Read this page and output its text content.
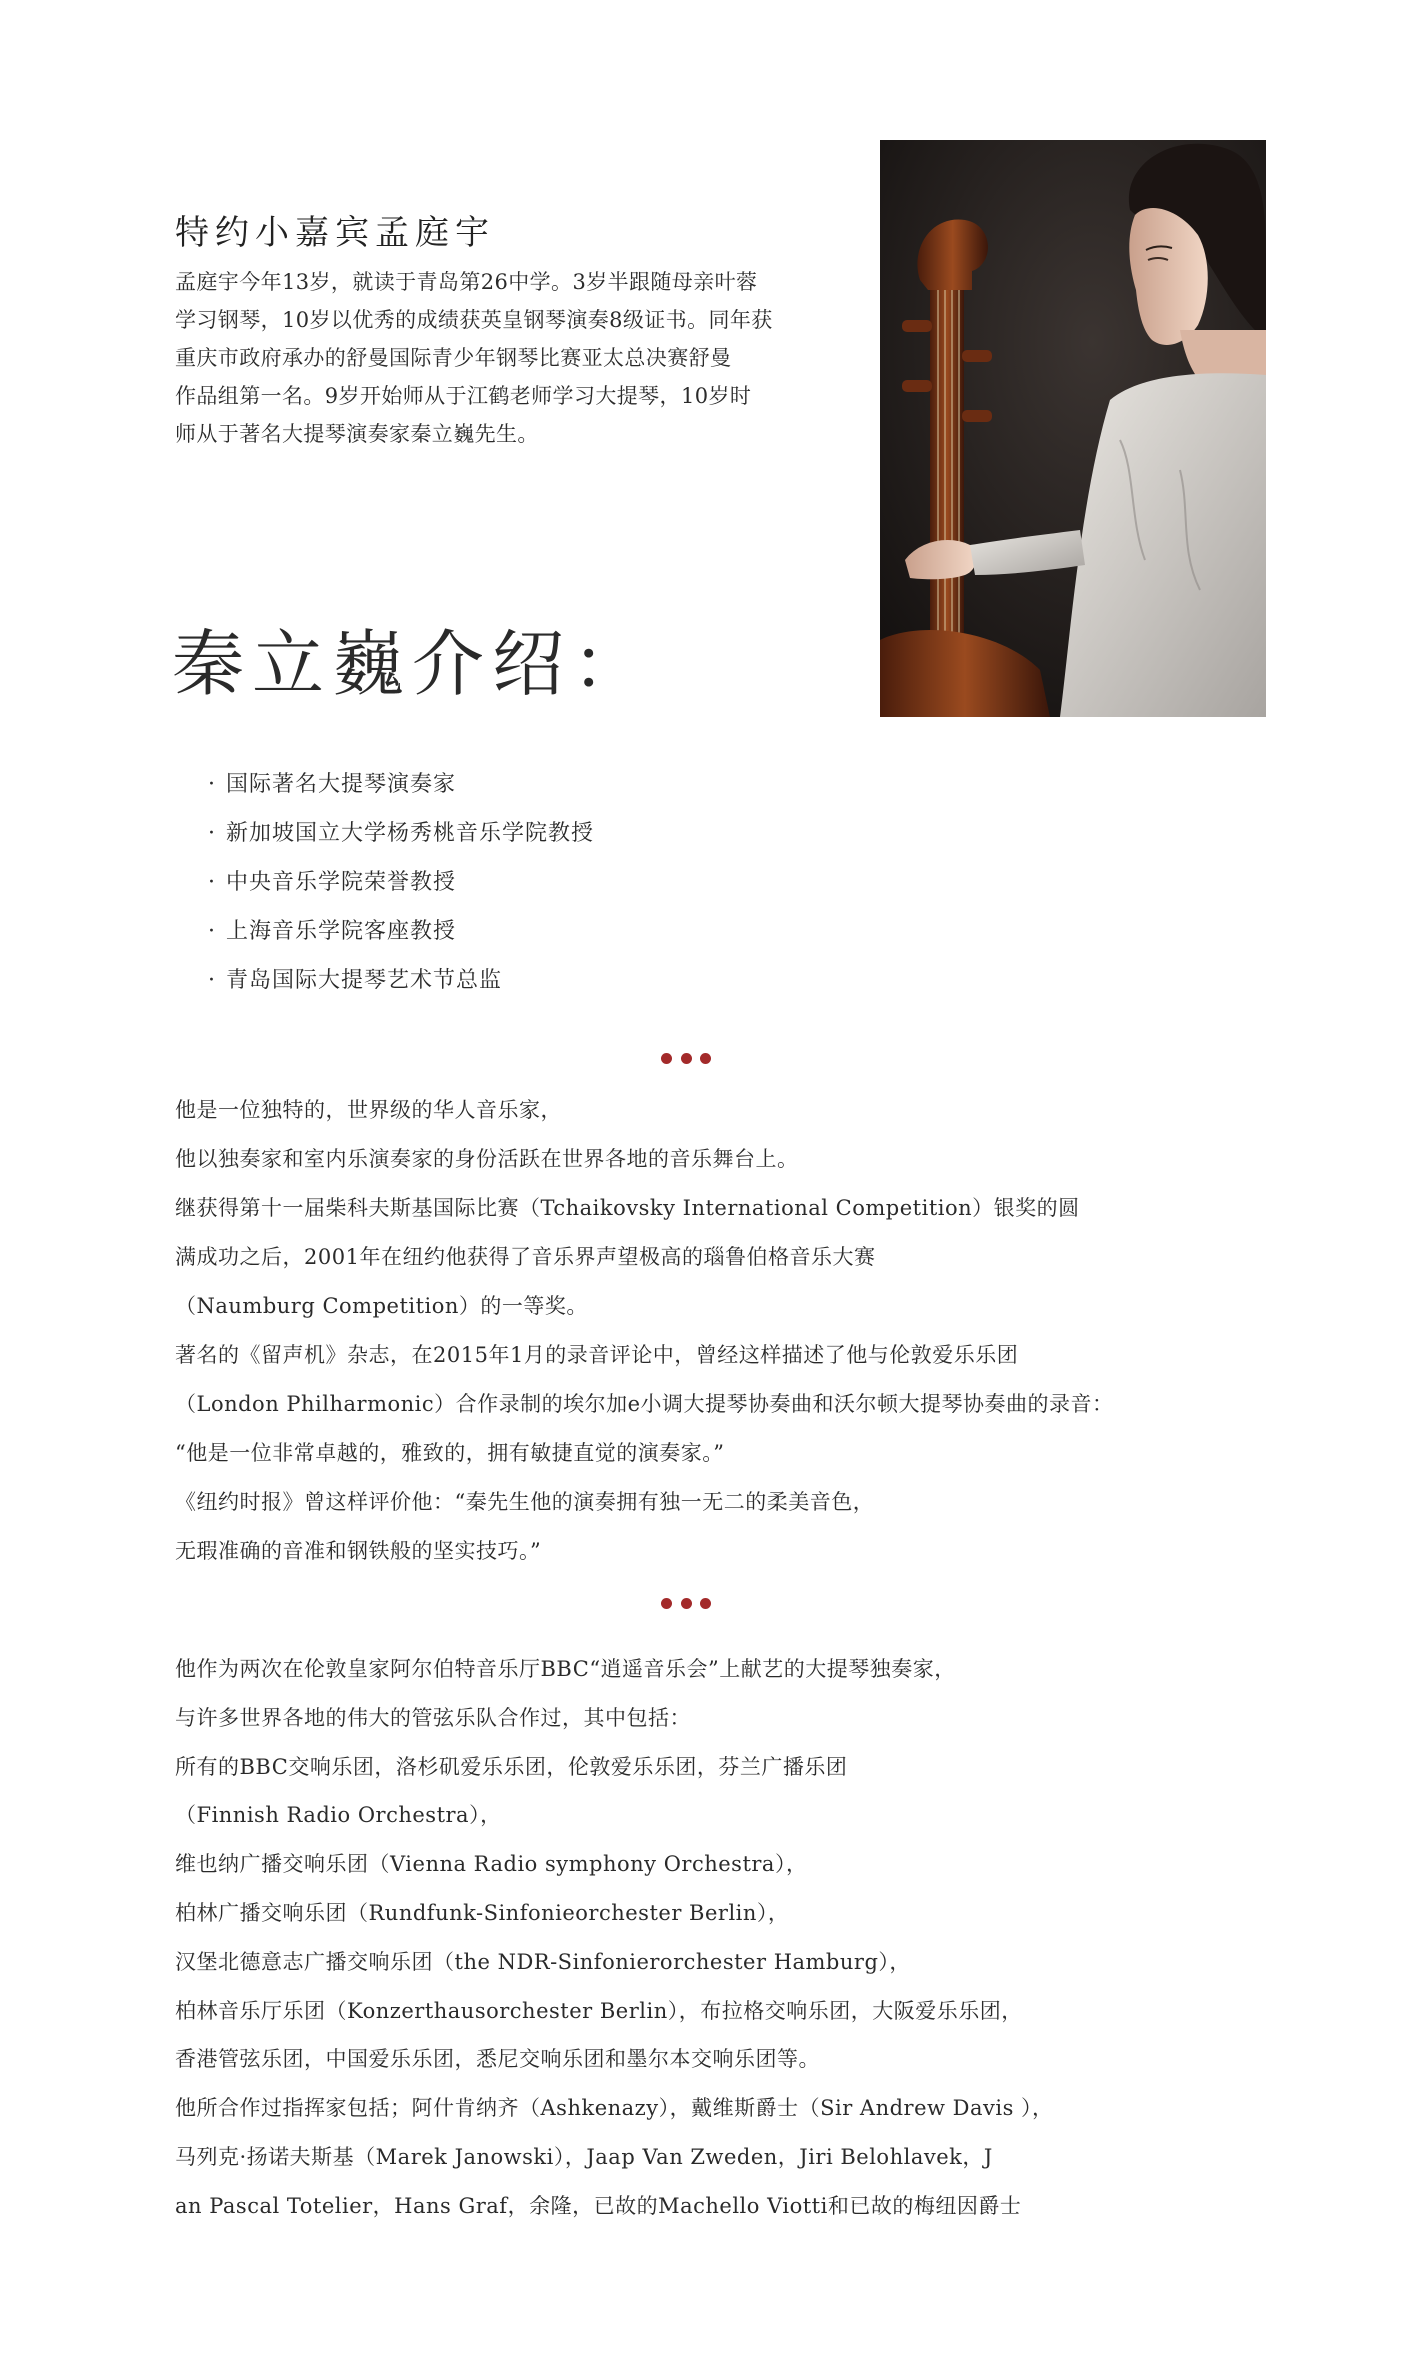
特约小嘉宾孟庭宇
孟庭宇今年13岁，就读于青岛第26中学。3岁半跟随母亲叶蓉
学习钢琴，10岁以优秀的成绩获英皇钢琴演奏8级证书。同年获
重庆市政府承办的舒曼国际青少年钢琴比赛亚太总决赛舒曼
作品组第一名。9岁开始师从于江鹤老师学习大提琴，10岁时
师从于著名大提琴演奏家秦立巍先生。
秦立巍介绍：
· 国际著名大提琴演奏家
· 新加坡国立大学杨秀桃音乐学院教授
· 中央音乐学院荣誉教授
· 上海音乐学院客座教授
· 青岛国际大提琴艺术节总监
他是一位独特的，世界级的华人音乐家，
他以独奏家和室内乐演奏家的身份活跃在世界各地的音乐舞台上。
继获得第十一届柴科夫斯基国际比赛（Tchaikovsky International Competition）银奖的圆
满成功之后，2001年在纽约他获得了音乐界声望极高的瑙鲁伯格音乐大赛
（Naumburg Competition）的一等奖。
著名的《留声机》杂志，在2015年1月的录音评论中，曾经这样描述了他与伦敦爱乐乐团
（London Philharmonic）合作录制的埃尔加e小调大提琴协奏曲和沃尔顿大提琴协奏曲的录音：
“他是一位非常卓越的，雅致的，拥有敏捷直觉的演奏家。”
《纽约时报》曾这样评价他：“秦先生他的演奏拥有独一无二的柔美音色，
无瑕准确的音准和钢铁般的坚实技巧。”
他作为两次在伦敦皇家阿尔伯特音乐厅BBC“逍遥音乐会”上献艺的大提琴独奏家，
与许多世界各地的伟大的管弦乐队合作过，其中包括：
所有的BBC交响乐团，洛杉矶爱乐乐团，伦敦爱乐乐团，芬兰广播乐团
（Finnish Radio Orchestra），
维也纳广播交响乐团（Vienna Radio symphony Orchestra），
柏林广播交响乐团（Rundfunk-Sinfonieorchester Berlin），
汉堡北德意志广播交响乐团（the NDR-Sinfonierorchester Hamburg），
柏林音乐厅乐团（Konzerthausorchester Berlin），布拉格交响乐团，大阪爱乐乐团，
香港管弦乐团，中国爱乐乐团，悉尼交响乐团和墨尔本交响乐团等。
他所合作过指挥家包括；阿什肯纳齐（Ashkenazy），戴维斯爵士（Sir Andrew Davis ），
马列克·扬诺夫斯基（Marek Janowski），Jaap Van Zweden，Jiri Belohlavek，J
an Pascal Totelier，Hans Graf，余隆，已故的Machello Viotti和已故的梅纽因爵士
